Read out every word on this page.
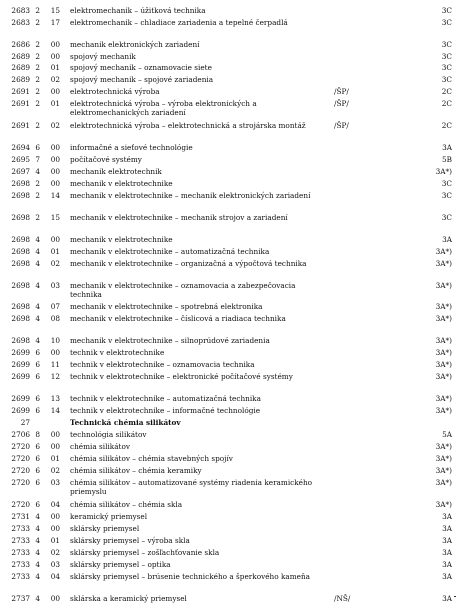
2683 2	15 elektromechanik – úžitková technika	3C
2683 2	17 elektromechanik – chladiace zariadenia a tepelné čerpadlá	3C
2686 2	00 mechanik elektronických zariadení	3C
2689 2	00 spojový mechanik	3C
2689 2	01 spojový mechanik – oznamovacie siete	3C
2689 2	02 spojový mechanik – spojové zariadenia	3C
2691 2	00 elektrotechnická výroba	/ŠP/	2C
2691 2	01 elektrotechnická výroba – výroba elektronických a elektromechanických zariadení
/ŠP/	2C
2691 2	02 elektrotechnická výroba – elektrotechnická a strojárska montáž	/ŠP/	2C
2694 6	00 informačné a sieťové technológie	3A
2695 7	00 počítačové systémy	5B
2697 4	00 mechanik elektrotechnik	3A*)
2698 2	00 mechanik v elektrotechnike	3C
2698 2	14 mechanik v elektrotechnike – mechanik elektronických zariadení	3C
2698 2	15 mechanik v elektrotechnike – mechanik strojov a zariadení	3C
2698 4	00 mechanik v elektrotechnike	3A
2698 4	01 mechanik v elektrotechnike – automatizačná technika	3A*)
2698 4	02 mechanik v elektrotechnike – organizačná a výpočtová technika	3A*)
2698 4	03 mechanik v elektrotechnike – oznamovacia a zabezpečovacia technika
3A*)
2698 4	07 mechanik v elektrotechnike – spotrebná elektronika	3A*)
2698 4	08 mechanik v elektrotechnike – číslicová a riadiaca technika	3A*)
2698 4	10 mechanik v elektrotechnike – silnoprúdové zariadenia	3A*)
2699 6	00 technik v elektrotechnike	3A*)
2699 6	11 technik v elektrotechnike – oznamovacia technika	3A*)
2699 6	12 technik v elektrotechnike – elektronické počítačové systémy	3A*)
2699 6	13 technik v elektrotechnike – automatizačná technika	3A*)
2699 6	14 technik v elektrotechnike – informačné technológie	3A*)
27	Technická chémia silikátov
2706 8	00 technológia silikátov	5A
2720 6	00 chémia silikátov	3A*)
2720 6	01 chémia silikátov – chémia stavebných spojív	3A*)
2720 6	02 chémia silikátov – chémia keramiky	3A*)
2720 6	03 chémia silikátov – automatizované systémy riadenia keramického priemyslu
3A*)
2720 6	04 chémia silikátov – chémia skla	3A*)
2731 4	00 keramický priemysel	3A
2733 4	00 sklársky priemysel	3A
2733 4	01 sklársky priemysel – výroba skla	3A
2733 4	02 sklársky priemysel – zošľachťovanie skla	3A
2733 4	03 sklársky priemysel – optika	3A
2733 4	04 sklársky priemysel – brúsenie technického a šperkového kameňa	3A
2737 4	00 sklárska a keramický priemysel	/NŠ/	3A
